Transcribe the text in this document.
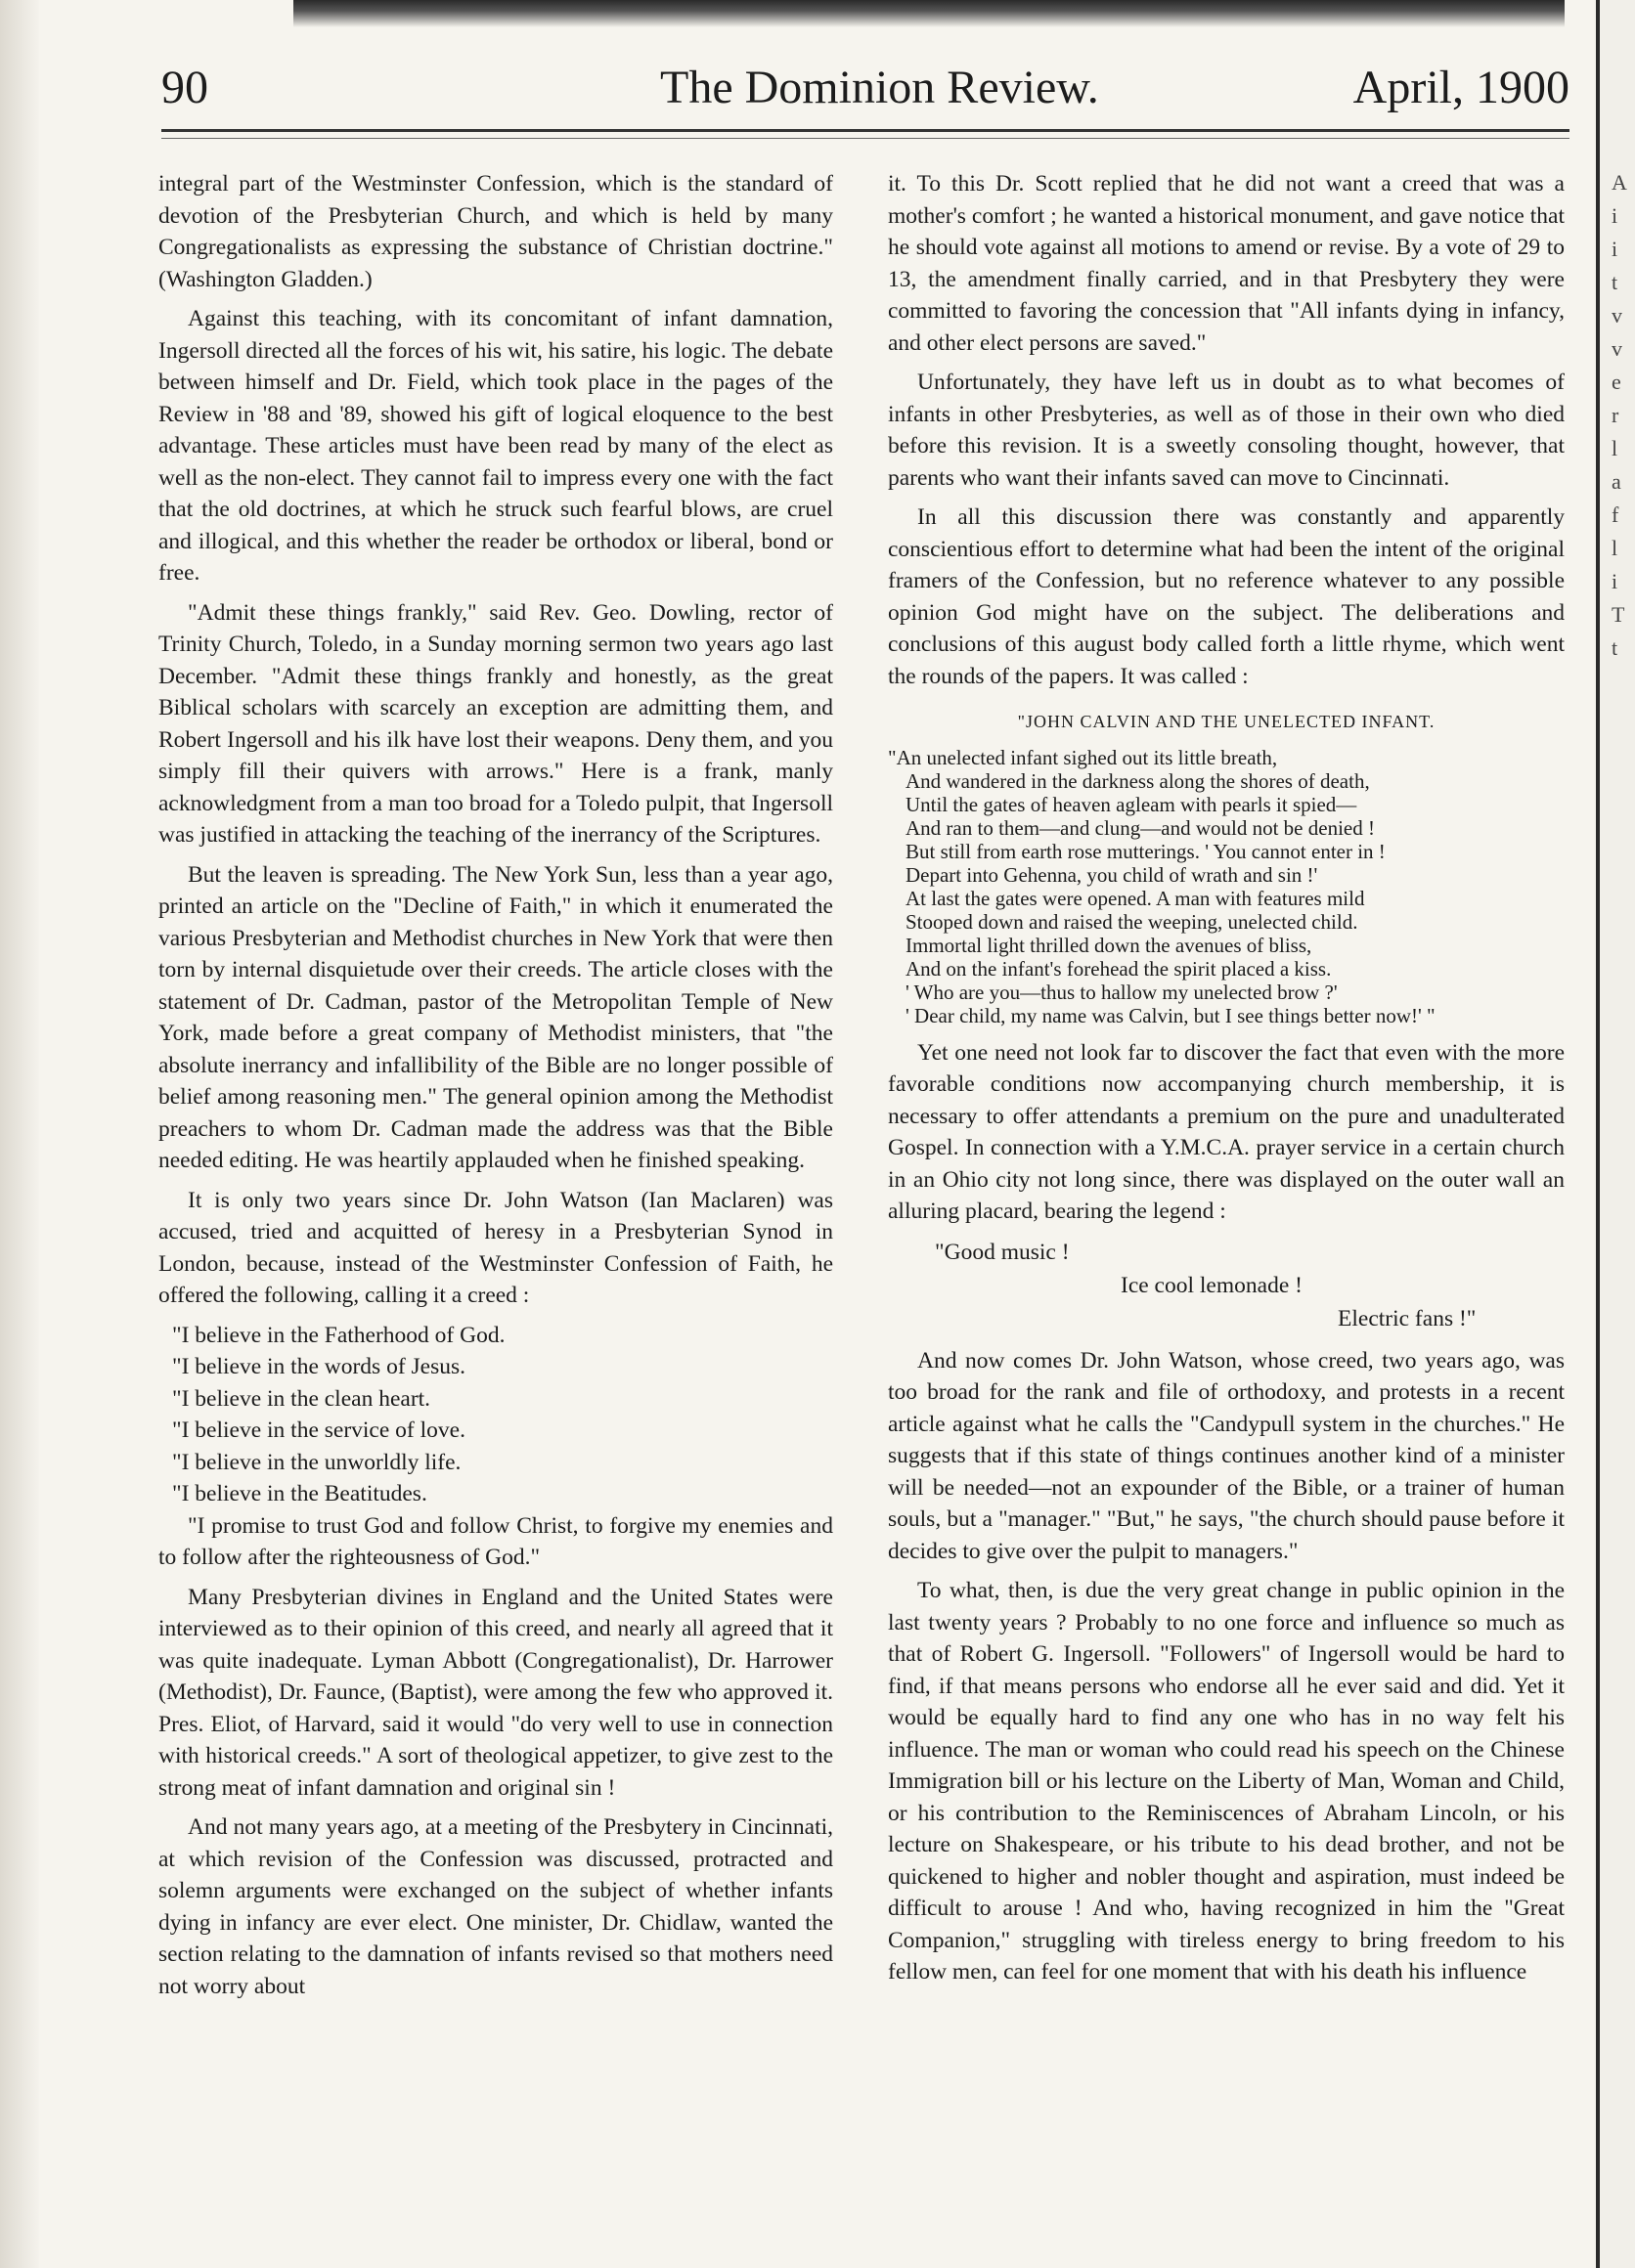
A
i
i
t
v
v
e
r
l
a
f
l
i
T
t
90	The Dominion Review.	April, 1900

integral part of the Westminster Confession, which is the standard of devotion of the Presbyterian Church, and which is held by many Congregationalists as expressing the substance of Christian doctrine." (Washington Gladden.)

Against this teaching, with its concomitant of infant damnation, Ingersoll directed all the forces of his wit, his satire, his logic. The debate between himself and Dr. Field, which took place in the pages of the Review in '88 and '89, showed his gift of logical eloquence to the best advantage. These articles must have been read by many of the elect as well as the non-elect. They cannot fail to impress every one with the fact that the old doctrines, at which he struck such fearful blows, are cruel and illogical, and this whether the reader be orthodox or liberal, bond or free.

"Admit these things frankly," said Rev. Geo. Dowling, rector of Trinity Church, Toledo, in a Sunday morning sermon two years ago last December. "Admit these things frankly and honestly, as the great Biblical scholars with scarcely an exception are admitting them, and Robert Ingersoll and his ilk have lost their weapons. Deny them, and you simply fill their quivers with arrows." Here is a frank, manly acknowledgment from a man too broad for a Toledo pulpit, that Ingersoll was justified in attacking the teaching of the inerrancy of the Scriptures.

But the leaven is spreading. The New York Sun, less than a year ago, printed an article on the "Decline of Faith," in which it enumerated the various Presbyterian and Methodist churches in New York that were then torn by internal disquietude over their creeds. The article closes with the statement of Dr. Cadman, pastor of the Metropolitan Temple of New York, made before a great company of Methodist ministers, that "the absolute inerrancy and infallibility of the Bible are no longer possible of belief among reasoning men." The general opinion among the Methodist preachers to whom Dr. Cadman made the address was that the Bible needed editing. He was heartily applauded when he finished speaking.

It is only two years since Dr. John Watson (Ian Maclaren) was accused, tried and acquitted of heresy in a Presbyterian Synod in London, because, instead of the Westminster Confession of Faith, he offered the following, calling it a creed :

"I believe in the Fatherhood of God.
"I believe in the words of Jesus.
"I believe in the clean heart.
"I believe in the service of love.
"I believe in the unworldly life.
"I believe in the Beatitudes.

"I promise to trust God and follow Christ, to forgive my enemies and to follow after the righteousness of God."

Many Presbyterian divines in England and the United States were interviewed as to their opinion of this creed, and nearly all agreed that it was quite inadequate. Lyman Abbott (Congregationalist), Dr. Harrower (Methodist), Dr. Faunce, (Baptist), were among the few who approved it. Pres. Eliot, of Harvard, said it would "do very well to use in connection with historical creeds." A sort of theological appetizer, to give zest to the strong meat of infant damnation and original sin !

And not many years ago, at a meeting of the Presbytery in Cincinnati, at which revision of the Confession was discussed, protracted and solemn arguments were exchanged on the subject of whether infants dying in infancy are ever elect. One minister, Dr. Chidlaw, wanted the section relating to the damnation of infants revised so that mothers need not worry about

it. To this Dr. Scott replied that he did not want a creed that was a mother's comfort ; he wanted a historical monument, and gave notice that he should vote against all motions to amend or revise. By a vote of 29 to 13, the amendment finally carried, and in that Presbytery they were committed to favoring the concession that "All infants dying in infancy, and other elect persons are saved."

Unfortunately, they have left us in doubt as to what becomes of infants in other Presbyteries, as well as of those in their own who died before this revision. It is a sweetly consoling thought, however, that parents who want their infants saved can move to Cincinnati.

In all this discussion there was constantly and apparently conscientious effort to determine what had been the intent of the original framers of the Confession, but no reference whatever to any possible opinion God might have on the subject. The deliberations and conclusions of this august body called forth a little rhyme, which went the rounds of the papers. It was called :

"JOHN CALVIN AND THE UNELECTED INFANT.
"An unelected infant sighed out its little breath,
And wandered in the darkness along the shores of death,
Until the gates of heaven agleam with pearls it spied—
And ran to them—and clung—and would not be denied !
But still from earth rose mutterings. ' You cannot enter in !
Depart into Gehenna, you child of wrath and sin !'
At last the gates were opened. A man with features mild
Stooped down and raised the weeping, unelected child.
Immortal light thrilled down the avenues of bliss,
And on the infant's forehead the spirit placed a kiss.
' Who are you—thus to hallow my unelected brow ?'
' Dear child, my name was Calvin, but I see things better now!' "

Yet one need not look far to discover the fact that even with the more favorable conditions now accompanying church membership, it is necessary to offer attendants a premium on the pure and unadulterated Gospel. In connection with a Y.M.C.A. prayer service in a certain church in an Ohio city not long since, there was displayed on the outer wall an alluring placard, bearing the legend :

"Good music !
Ice cool lemonade !
Electric fans !"

And now comes Dr. John Watson, whose creed, two years ago, was too broad for the rank and file of orthodoxy, and protests in a recent article against what he calls the "Candypull system in the churches." He suggests that if this state of things continues another kind of a minister will be needed—not an expounder of the Bible, or a trainer of human souls, but a "manager." "But," he says, "the church should pause before it decides to give over the pulpit to managers."

To what, then, is due the very great change in public opinion in the last twenty years ? Probably to no one force and influence so much as that of Robert G. Ingersoll. "Followers" of Ingersoll would be hard to find, if that means persons who endorse all he ever said and did. Yet it would be equally hard to find any one who has in no way felt his influence. The man or woman who could read his speech on the Chinese Immigration bill or his lecture on the Liberty of Man, Woman and Child, or his contribution to the Reminiscences of Abraham Lincoln, or his lecture on Shakespeare, or his tribute to his dead brother, and not be quickened to higher and nobler thought and aspiration, must indeed be difficult to arouse ! And who, having recognized in him the "Great Companion," struggling with tireless energy to bring freedom to his fellow men, can feel for one moment that with his death his influence
